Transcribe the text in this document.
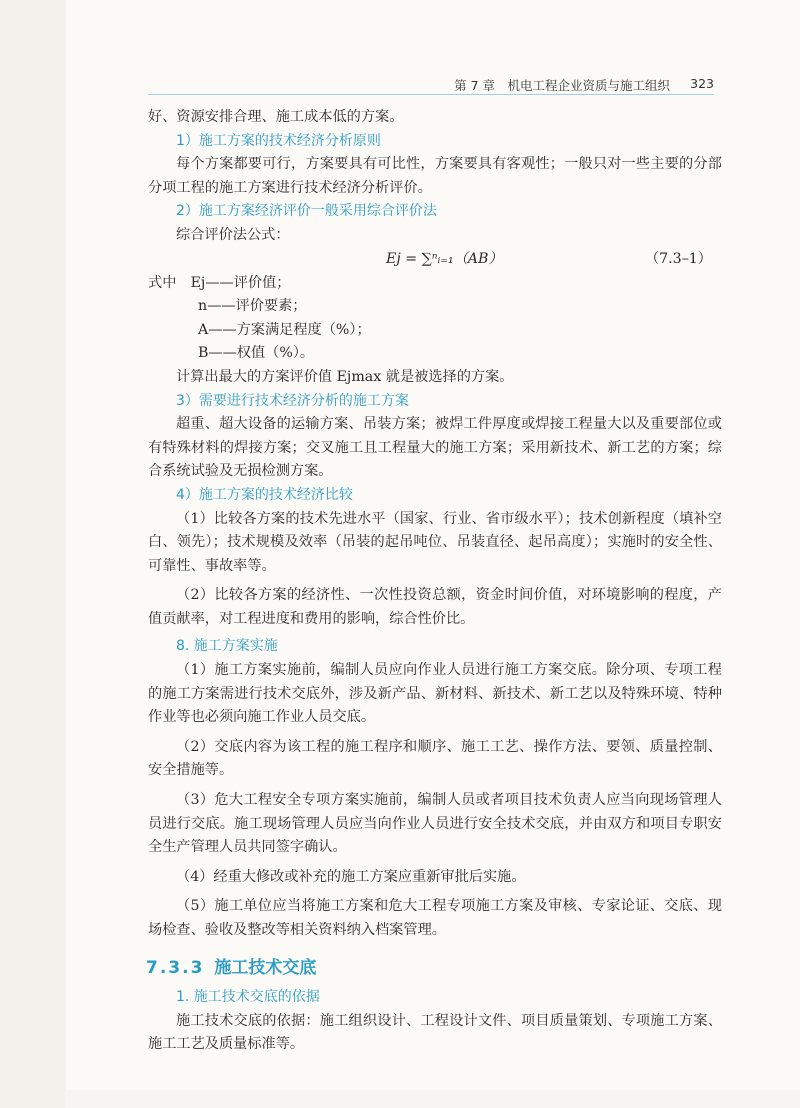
第 7 章　机电工程企业资质与施工组织	323

好、资源安排合理、施工成本低的方案。

1）施工方案的技术经济分析原则

每个方案都要可行，方案要具有可比性，方案要具有客观性；一般只对一些主要的分部分项工程的施工方案进行技术经济分析评价。

2）施工方案经济评价一般采用综合评价法

综合评价法公式：

Ej = ∑ⁿᵢ₌₁（AB）	（7.3–1）

式中　Ej——评价值；

n——评价要素；

A——方案满足程度（%）；

B——权值（%）。

计算出最大的方案评价值 Ejmax 就是被选择的方案。

3）需要进行技术经济分析的施工方案

超重、超大设备的运输方案、吊装方案；被焊工件厚度或焊接工程量大以及重要部位或有特殊材料的焊接方案；交叉施工且工程量大的施工方案；采用新技术、新工艺的方案；综合系统试验及无损检测方案。

4）施工方案的技术经济比较

（1）比较各方案的技术先进水平（国家、行业、省市级水平）；技术创新程度（填补空白、领先）；技术规模及效率（吊装的起吊吨位、吊装直径、起吊高度）；实施时的安全性、可靠性、事故率等。

（2）比较各方案的经济性、一次性投资总额，资金时间价值，对环境影响的程度，产值贡献率，对工程进度和费用的影响，综合性价比。

8. 施工方案实施

（1）施工方案实施前，编制人员应向作业人员进行施工方案交底。除分项、专项工程的施工方案需进行技术交底外，涉及新产品、新材料、新技术、新工艺以及特殊环境、特种作业等也必须向施工作业人员交底。

（2）交底内容为该工程的施工程序和顺序、施工工艺、操作方法、要领、质量控制、安全措施等。

（3）危大工程安全专项方案实施前，编制人员或者项目技术负责人应当向现场管理人员进行交底。施工现场管理人员应当向作业人员进行安全技术交底，并由双方和项目专职安全生产管理人员共同签字确认。

（4）经重大修改或补充的施工方案应重新审批后实施。

（5）施工单位应当将施工方案和危大工程专项施工方案及审核、专家论证、交底、现场检查、验收及整改等相关资料纳入档案管理。

7.3.3 施工技术交底

1. 施工技术交底的依据

施工技术交底的依据：施工组织设计、工程设计文件、项目质量策划、专项施工方案、施工工艺及质量标准等。
